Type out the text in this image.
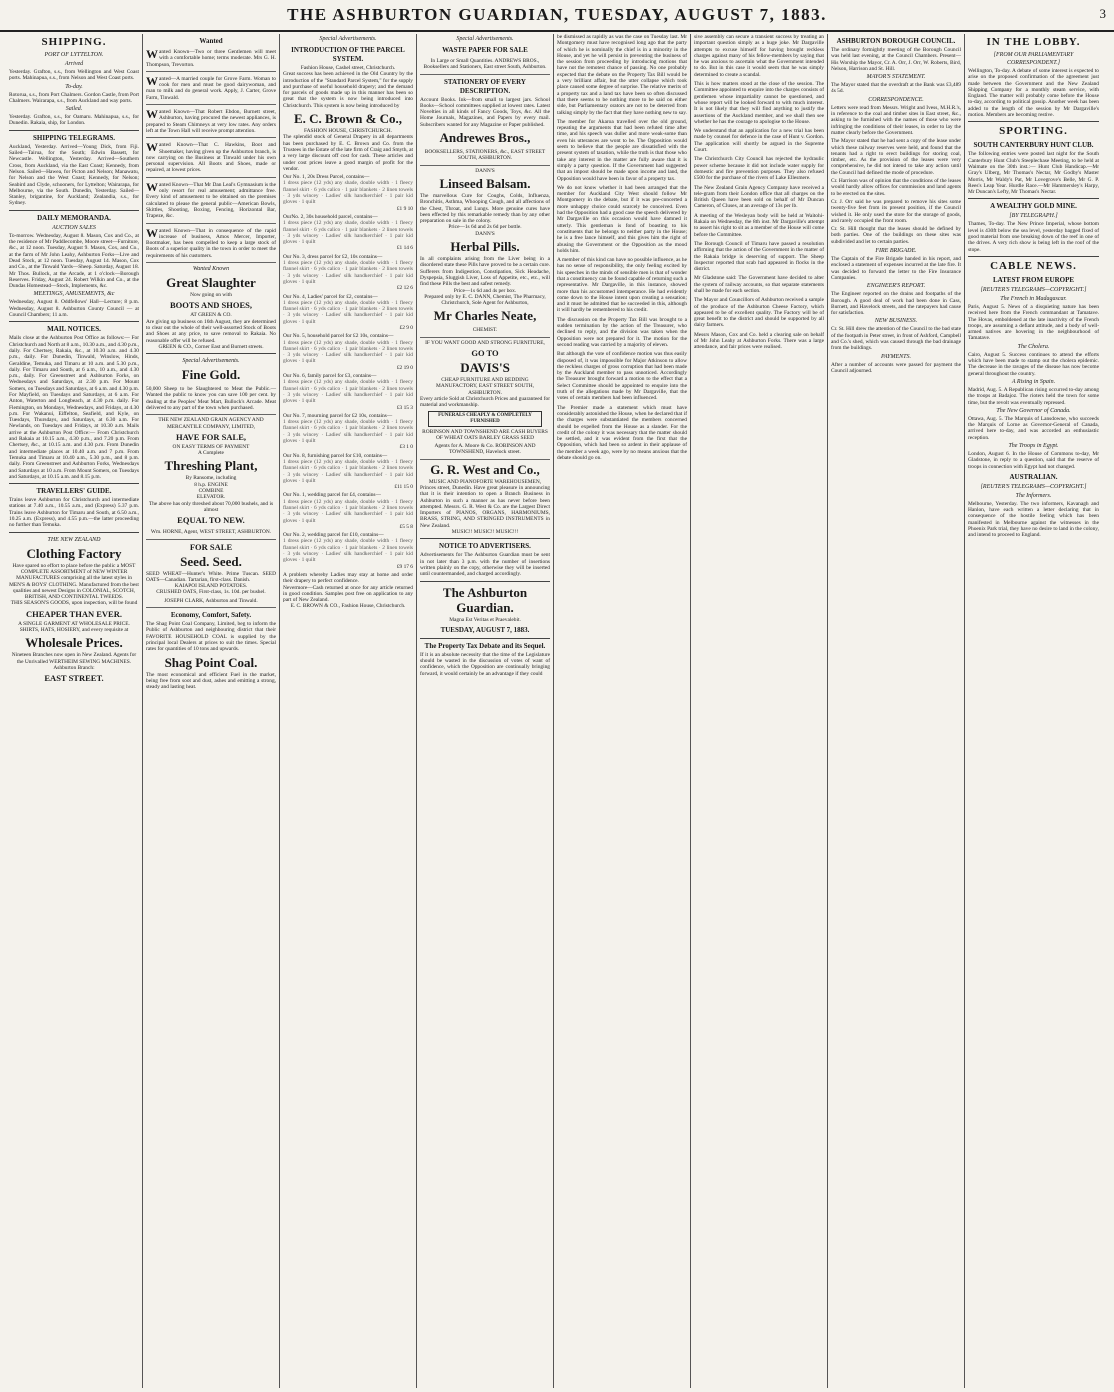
THE ASHBURTON GUARDIAN, TUESDAY, AUGUST 7, 1883.	3
SHIPPING.
PORT OF LYTTELTON.
Arrived
Yesterday. Grafton, s.s., from Wellington and West Coast ports. Mahinapua, s.s., from Nelson and West Coast ports.
To-day.
Rotorua, s.s., from Port Chalmers. Gordon Castle, from Port Chalmers. Wairarapa, s.s., from Auckland and way ports.
Sailed.
Yesterday. Grafton, s.s., for Oamaru. Mahinapua, s.s., for Dunedin. Rakaia, ship, for London.
SHIPPING TELEGRAMS.
Auckland, Yesterday. Arrived—Young Dick, from Fiji. Sailed—Tairua, for the South; Edwin Bassett, for Newcastle. Wellington, Yesterday. Arrived—Southern Cross, from Auckland, via the East Coast; Kennedy, from Nelson. Sailed—Hawea, for Picton and Nelson; Manawatu, for Nelson and the West Coast; Kennedy, for Nelson; Seabird and Clyde, schooners, for Lyttelton; Wairarapa, for Melbourne, via the South. Dunedin, Yesterday. Sailed—Stanley, brigantine, for Auckland; Zealandia, s.s., for Sydney.
DAILY MEMORANDA.
AUCTION SALES
To-morrow. Wednesday, August 8. Mason, Cox and Co., at the residence of Mr Paddlecombe, Moore street—Furniture, &c., at 12 noon. Tuesday, August 9. Mason, Cox, and Co., at the farm of Mr John Leahy, Ashburton Forks—Live and Dead Stock, at 12 noon. Tuesday, August 14. Mason, Cox and Co., at the Tinwald Yards—Sheep. Saturday, August 18. Mr Thos. Bullock, at the Arcade, at 1 o'clock—Borough Reserves. Friday, August 24. Robert Wilkin and Co., at the Dundas Homestead—Stock, Implements, &c.
MEETINGS, AMUSEMENTS, &c
Wednesday, August 8. Oddfellows' Hall—Lecture; 8 p.m. Wednesday, August 8. Ashburton County Council — at Council Chambers; 11 a.m.
MAIL NOTICES.
Mails close at the Ashburton Post Office as follows:— For Christchurch and North at 8 a.m., 10.30 a.m., and 4.30 p.m., daily. For Chertsey, Rakaia, &c., at 10.30 a.m. and 4.30 p.m., daily. For Dunedin, Tinwald, Winslow, Hinds, Geraldine, Temuka, and Timaru at 10 a.m. and 5.30 p.m., daily. For Timaru and South, at 6 a.m., 10 a.m., and 4.30 p.m., daily. For Greenstreet and Ashburton Forks, on Wednesdays and Saturdays, at 2.30 p.m. For Mount Somers, on Tuesdays and Saturdays, at 6 a.m. and 4.30 p.m. For Mayfield, on Tuesdays and Saturdays, at 6 a.m. For Anton, Waterton and Longbeach, at 4.30 p.m. daily. For Flemington, on Mondays, Wednesdays, and Fridays, at 4.30 p.m. For Wakanui, Eiffelton, Seafield, and Kyle, on Tuesdays, Thursdays, and Saturdays, at 6.30 a.m. For Newlands, on Tuesdays and Fridays, at 10.30 a.m. Mails arrive at the Ashburton Post Office:— From Christchurch and Rakaia at 10.15 a.m., 4.30 p.m., and 7.20 p.m. From Chertsey, &c., at 10.15 a.m. and 4.30 p.m. From Dunedin and intermediate places at 10.40 a.m. and 7 p.m. From Temuka and Timaru at 10.40 a.m., 5.30 p.m., and 8 p.m. daily. From Greenstreet and Ashburton Forks, Wednesdays and Saturdays at 10 a.m. From Mount Somers, on Tuesdays and Saturdays, at 10.15 a.m. and 8.15 p.m.
TRAVELLERS' GUIDE.
Trains leave Ashburton for Christchurch and intermediate stations at 7.40 a.m., 10.55 a.m., and (Express) 5.37 p.m. Trains leave Ashburton for Timaru and South, at 6.50 a.m., 10.25 a.m. (Express), and 4.55 p.m.—the latter proceeding no further than Temuka.
THE NEW ZEALAND
Clothing Factory
Have spared no effort to place before the public a MOST COMPLETE ASSORTMENT of NEW WINTER MANUFACTURES comprising all the latest styles in MEN'S & BOYS' CLOTHING. Manufactured from the best qualities and newest Designs in COLONIAL, SCOTCH, BRITISH, AND CONTINENTAL TWEEDS.
THIS SEASON'S GOODS, upon inspection, will be found
CHEAPER THAN EVER.
A SINGLE GARMENT AT WHOLESALE PRICE. SHIRTS, HATS, HOSIERY, and every requisite at
Wholesale Prices.
Nineteen Branches now open in New Zealand. Agents for the Unrivalled WERTHEIM SEWING MACHINES.
Ashburton Branch:
EAST STREET.
Wanted
Wanted Known—Two or three Gentlemen will meet with a comfortable home; terms moderate. Mrs G. H. Thompson, Trevorton.
Wanted—A married couple for Grove Farm. Woman to cook for men and must be good dairywoman, and man to milk and do general work. Apply, J. Carter, Grove Farm, Tinwald.
Wanted Known—That Robert Ebdon, Burnett street, Ashburton, having procured the newest appliances, is prepared to Steam Chimneys at very low rates. Any orders left at the Town Hall will receive prompt attention.
Wanted Known—That C. Hawkins, Boot and Shoemaker, having given up the Ashburton branch, is now carrying on the Business at Tinwald under his own personal supervision. All Boots and Shoes, made or repaired, at lowest prices.
Wanted Known—That Mr Dan Leal's Gymnasium is the only resort for real amusement; admittance free. Every kind of amusement to be obtained on the premises calculated to please the general public—American Bowls, Skittles, Shooting, Boxing, Fencing, Horizontal Bar, Trapeze, &c.
Wanted Known—That in consequence of the rapid increase of business, Amos Mercer, Importer, Bootmaker, has been compelled to keep a large stock of Boots of a superior quality in the town in order to meet the requirements of his customers.
Wanted Known
Great Slaughter
Now going on with
BOOTS AND SHOES,
AT GREEN & CO.
Are giving up business on 16th August, they are determined to clear out the whole of their well-assorted Stock of Boots and Shoes at any price, to save removal to Rakaia. No reasonable offer will be refused.
GREEN & CO., Corner East and Burnett streets.
Special Advertisements.
Fine Gold.
50,000 Sheep to be Slaughtered to Meat the Public.—Wanted the public to know you can save 100 per cent. by dealing at the Peoples' Meat Mart, Bullock's Arcade. Meat delivered to any part of the town when purchased.
THE NEW ZEALAND GRAIN AGENCY AND MERCANTILE COMPANY, LIMITED,
HAVE FOR SALE,
ON EASY TERMS OF PAYMENT
A Complete
Threshing Plant,
By Ransome, including
8 h.p. ENGINE
COMBINE
ELEVATOR.
The above has only threshed about 70,000 bushels, and is almost
EQUAL TO NEW.
Wm. HORNE, Agent, WEST STREET, ASHBURTON.
FOR SALE
Seed. Seed.
SEED WHEAT—Hunter's White. Prime Tuscan. SEED OATS—Canadian. Tartarian, first-class. Danish.
KAIAPOI ISLAND POTATOES.
CRUSHED OATS, First-class, 1s. 10d. per bushel.
JOSEPH CLARK, Ashburton and Tinwald.
Economy, Comfort, Safety.
The Shag Point Coal Company, Limited, beg to inform the Public of Ashburton and neighbouring district that their FAVORITE HOUSEHOLD COAL is supplied by the principal local Dealers at prices to suit the times. Special rates for quantities of 10 tons and upwards.
Shag Point Coal.
The most economical and efficient Fuel in the market, being free from soot and dust, ashes and emitting a strong, steady and lasting heat.
Special Advertisements.
INTRODUCTION OF THE PARCEL SYSTEM.
Fashion House, Cashel street, Christchurch.
Great success has been achieved in the Old Country by the introduction of the "Standard Parcel System," for the supply and purchase of useful household drapery; and the demand for parcels of goods made up in this manner has been so great that the system is now being introduced into Christchurch. This system is now being introduced by
E. C. Brown & Co.,
FASHION HOUSE, CHRISTCHURCH.
The splendid stock of General Drapery in all departments has been purchased by E. C. Brown and Co. from the Trustees in the Estate of the late firm of Craig and Smyth, at a very large discount off cost for cash. These articles and under cost prices leave a good margin of profit for the vendor.
Our No. 1, 20s Dress Parcel, contains—
1 dress piece (12 yds) any shade, double width · 1 fleecy flannel skirt · 6 yds calico · 1 pair blankets · 2 linen towels · 3 yds wincey · Ladies' silk handkerchief · 1 pair kid gloves · 1 quilt
£1 9 10
OurNo. 2, 30s household parcel, contains—
1 dress piece (12 yds) any shade, double width · 1 fleecy flannel skirt · 6 yds calico · 1 pair blankets · 2 linen towels · 3 yds wincey · Ladies' silk handkerchief · 1 pair kid gloves · 1 quilt
£1 14 6
Our No. 3, dress parcel for £2, 10s contains—
1 dress piece (12 yds) any shade, double width · 1 fleecy flannel skirt · 6 yds calico · 1 pair blankets · 2 linen towels · 3 yds wincey · Ladies' silk handkerchief · 1 pair kid gloves · 1 quilt
£2 12 6
Our No. 4, Ladies' parcel for £2, contains—
1 dress piece (12 yds) any shade, double width · 1 fleecy flannel skirt · 6 yds calico · 1 pair blankets · 2 linen towels · 3 yds wincey · Ladies' silk handkerchief · 1 pair kid gloves · 1 quilt
£2 9 0
Our No. 5, household parcel for £2 10s, contains—
1 dress piece (12 yds) any shade, double width · 1 fleecy flannel skirt · 6 yds calico · 1 pair blankets · 2 linen towels · 3 yds wincey · Ladies' silk handkerchief · 1 pair kid gloves · 1 quilt
£2 19 0
Our No. 6, family parcel for £3, contains—
1 dress piece (12 yds) any shade, double width · 1 fleecy flannel skirt · 6 yds calico · 1 pair blankets · 2 linen towels · 3 yds wincey · Ladies' silk handkerchief · 1 pair kid gloves · 1 quilt
£3 15 3
Our No. 7, mourning parcel for £2 10s, contains—
1 dress piece (12 yds) any shade, double width · 1 fleecy flannel skirt · 6 yds calico · 1 pair blankets · 2 linen towels · 3 yds wincey · Ladies' silk handkerchief · 1 pair kid gloves · 1 quilt
£3 1 0
Our No. 8, furnishing parcel for £10, contains—
1 dress piece (12 yds) any shade, double width · 1 fleecy flannel skirt · 6 yds calico · 1 pair blankets · 2 linen towels · 3 yds wincey · Ladies' silk handkerchief · 1 pair kid gloves · 1 quilt
£11 15 0
Our No. 1, wedding parcel for £4, contains—
1 dress piece (12 yds) any shade, double width · 1 fleecy flannel skirt · 6 yds calico · 1 pair blankets · 2 linen towels · 3 yds wincey · Ladies' silk handkerchief · 1 pair kid gloves · 1 quilt
£5 5 8
Our No. 2, wedding parcel for £10, contains—
1 dress piece (12 yds) any shade, double width · 1 fleecy flannel skirt · 6 yds calico · 1 pair blankets · 2 linen towels · 3 yds wincey · Ladies' silk handkerchief · 1 pair kid gloves · 1 quilt
£9 17 6
A problem whereby Ladies may stay at home and order their drapery to perfect confidence.
Nevermore—Cash returned at once for any article returned in good condition. Samples post free on application to any part of New Zealand.
E. C. BROWN & CO., Fashion House, Christchurch.
Special Advertisements.
WASTE PAPER FOR SALE
In Large or Small Quantities. ANDREWS BROS., Booksellers and Stationers, East street South, Ashburton.
STATIONERY OF EVERY DESCRIPTION.
Account Books. Ink—from small to largest jars. School Books—School committees supplied at lowest rates. Latest Novelties in all kinds of Fancy Goods, Toys, &c. All the Home Journals, Magazines, and Papers by every mail. Subscribers wanted for any Magazine or Paper published.
Andrewes Bros.,
BOOKSELLERS, STATIONERS, &c., EAST STREET SOUTH, ASHBURTON.
DANN'S
Linseed Balsam.
The marvellous Cure for Coughs, Colds, Influenza, Bronchitis, Asthma, Whooping Cough, and all affections of the Chest, Throat, and Lungs. More genuine cures have been effected by this remarkable remedy than by any other preparation on sale in the colony.
Price—1s 6d and 2s 6d per bottle.
DANN'S
Herbal Pills.
In all complaints arising from the Liver being in a disordered state these Pills have proved to be a certain cure. Sufferers from Indigestion, Constipation, Sick Headache, Dyspepsia, Sluggish Liver, Loss of Appetite, etc., etc., will find these Pills the best and safest remedy.
Price—1s 6d and 4s per box.
Prepared only by E. C. DANN, Chemist, The Pharmacy, Christchurch, Sole Agent for Ashburton,
Mr Charles Neate,
CHEMIST.
IF YOU WANT GOOD AND STRONG FURNITURE,
GO TO
DAVIS'S
CHEAP FURNITURE AND BEDDING MANUFACTORY, EAST STREET SOUTH, ASHBURTON.
Every article Sold at Christchurch Prices and guaranteed for material and workmanship.
FUNERALS CHEAPLY & COMPLETELY FURNISHED
ROBINSON AND TOWNSHEND ARE CASH BUYERS OF WHEAT OATS BARLEY GRASS SEED
Agents for A. Moore & Co. ROBINSON AND TOWNSHEND, Havelock street.
G. R. West and Co.,
MUSIC AND PIANOFORTE WAREHOUSEMEN,
Princes street, Dunedin. Have great pleasure in announcing that it is their intention to open a Branch Business in Ashburton in such a manner as has never before been attempted. Messrs. G. R. West & Co. are the Largest Direct Importers of PIANOS, ORGANS, HARMONIUMS, BRASS, STRING, AND STRINGED INSTRUMENTS in New Zealand.
MUSIC!! MUSIC!! MUSIC!!!
NOTICE TO ADVERTISERS.
Advertisements for The Ashburton Guardian must be sent in not later than 3 p.m. with the number of insertions written plainly on the copy, otherwise they will be inserted until countermanded, and charged accordingly.
The Ashburton Guardian.
Magna Est Veritas et Praevalebit.
TUESDAY, AUGUST 7, 1883.
The Property Tax Debate and its Sequel.
If it is an absolute necessity that the time of the Legislature should be wasted in the discussion of votes of want of confidence, which the Opposition are continually bringing forward, it would certainly be an advantage if they could

be dismissed as rapidly as was the case on Tuesday last. Mr Montgomery must have recognised long ago that the party of which he is nominally the chief is in a minority in the House, and yet he will persist in preventing the business of the session from proceeding by introducing motions that have not the remotest chance of passing. No one probably expected that the debate on the Property Tax Bill would be a very brilliant affair, but the utter collapse which took place caused some degree of surprise. The relative merits of a property tax and a land tax have been so often discussed that there seems to be nothing more to be said on either side, but Parliamentary orators are not to be deterred from talking simply by the fact that they have nothing new to say.

The member for Akaroa travelled over the old ground, repeating the arguments that had been refuted time after time, and his speech was duller and more weak-some than even his utterances are wont to be. The Opposition would seem to believe that the people are dissatisfied with the present system of taxation, while the truth is that those who take any interest in the matter are fully aware that it is simply a party question. If the Government had suggested that an impost should be made upon income and land, the Opposition would have been in favor of a property tax.

We do not know whether it had been arranged that the member for Auckland City West should follow Mr Montgomery in the debate, but if it was pre-concerted a more unhappy choice could scarcely be conceived. Even had the Opposition had a good case the speech delivered by Mr Dargaville on this occasion would have damned it utterly. This gentleman is fond of boasting to his constituents that he belongs to neither party in the House; he is a free lance himself, and this gives him the right of abusing the Government or the Opposition as the mood holds him.

A member of this kind can have no possible influence, as he has no sense of responsibility, the only feeling excited by his speeches in the minds of sensible men is that of wonder that a constituency can be found capable of returning such a representative. Mr Dargaville, in this instance, showed more than his accustomed intemperance. He had evidently come down to the House intent upon creating a sensation; and it must be admitted that he succeeded in this, although it will hardly be remembered to his credit.

The discussion on the Property Tax Bill was brought to a sudden termination by the action of the Treasurer, who declined to reply, and the division was taken when the Opposition were not prepared for it. The motion for the second reading was carried by a majority of eleven.

But although the vote of confidence motion was thus easily disposed of, it was impossible for Major Atkinson to allow the reckless charges of gross corruption that had been made by the Auckland member to pass unnoticed. Accordingly the Treasurer brought forward a motion to the effect that a Select Committee should be appointed to enquire into the truth of the allegations made by Mr Dargaville, that the votes of certain members had been influenced.

The Premier made a statement which must have considerably astonished the House, when he declared that if the charges were substantiated the members concerned should be expelled from the House as a slander. For the credit of the colony it was necessary that the matter should be settled, and it was evident from the first that the Opposition, which had been so ardent in their applause of the member a week ago, were by no means anxious that the debate should go on.

sive assembly can secure a transient success by treating an important question simply as a huge joke. Mr Dargaville attempts to excuse himself for having brought reckless charges against many of his fellow-members by saying that he was anxious to ascertain what the Government intended to do. But in this case it would seem that he was simply determined to create a scandal.

This is how matters stood at the close of the session. The Committee appointed to enquire into the charges consists of gentlemen whose impartiality cannot be questioned, and whose report will be looked forward to with much interest. It is not likely that they will find anything to justify the assertions of the Auckland member, and we shall then see whether he has the courage to apologise to the House.

We understand that an application for a new trial has been made by counsel for defence in the case of Hunt v. Gordon. The application will shortly be argued in the Supreme Court.

The Christchurch City Council has rejected the hydraulic power scheme because it did not include water supply for domestic and fire prevention purposes. They also refused £500 for the purchase of the rivers of Lake Ellesmere.

The New Zealand Grain Agency Company have received a tele-gram from their London office that all charges on the British Queen have been sold on behalf of Mr Duncan Cameron, of Cluses, at an average of 13s per lb.

A meeting of the Wesleyan body will be held at Waitohi-Rakaia on Wednesday, the 8th inst. Mr Dargaville's attempt to assert his right to sit as a member of the House will come before the Committee.

The Borough Council of Timaru have passed a resolution affirming that the action of the Government in the matter of the Rakaia bridge is deserving of support. The Sheep Inspector reported that scab had appeared in flocks in the district.

Mr Gladstone said: The Government have decided to alter the system of railway accounts, so that separate statements shall be made for each section.

The Mayor and Councillors of Ashburton received a sample of the produce of the Ashburton Cheese Factory, which appeared to be of excellent quality. The Factory will be of great benefit to the district and should be supported by all dairy farmers.

Messrs Mason, Cox and Co. held a clearing sale on behalf of Mr John Leahy at Ashburton Forks. There was a large attendance, and fair prices were realised.

ASHBURTON BOROUGH COUNCIL.
The ordinary fortnightly meeting of the Borough Council was held last evening, at the Council Chambers. Present—His Worship the Mayor, Cr. A. Orr, J. Orr, W. Roberts, Bird, Nelson, Harrison and St. Hill.
MAYOR'S STATEMENT.
The Mayor stated that the overdraft at the Bank was £3,489 4s 5d.
CORRESPONDENCE.
Letters were read from Messrs. Wright and Ivess, M.H.R.'s, in reference to the coal and timber sites in East street, &c., asking to be furnished with the names of those who were infringing the conditions of their leases, in order to lay the matter clearly before the Government.

The Mayor stated that he had sent a copy of the lease under which these railway reserves were held, and found that the tenants had a right to erect buildings for storing coal, timber, etc. As the provision of the leases were very comprehensive, he did not intend to take any action until the Council had defined the mode of procedure.

Cr. Harrison was of opinion that the conditions of the leases would hardly allow offices for commission and land agents to be erected on the sites.

Cr. J. Orr said he was prepared to remove his sites some twenty-five feet from its present position, if the Council wished it. He only used the store for the storage of goods, and rarely occupied the front room.

Cr. St. Hill thought that the leases should be defined by both parties. One of the buildings on these sites was subdivided and let to certain parties.

FIRE BRIGADE.
The Captain of the Fire Brigade handed in his report, and enclosed a statement of expenses incurred at the late fire. It was decided to forward the letter to the Fire Insurance Companies.
ENGINEER'S REPORT.
The Engineer reported on the drains and footpaths of the Borough. A good deal of work had been done in Cass, Burnett, and Havelock streets, and the ratepayers had cause for satisfaction.
NEW BUSINESS.
Cr. St. Hill drew the attention of the Council to the bad state of the footpath in Peter street, in front of Ashford, Campbell and Co.'s shed, which was caused through the bad drainage from the buildings.
PAYMENTS.
After a number of accounts were passed for payment the Council adjourned.
IN THE LOBBY.
[FROM OUR PARLIAMENTARY CORRESPONDENT.]
Wellington, To-day. A debate of some interest is expected to arise on the proposed confirmation of the agreement just made between the Government and the New Zealand Shipping Company for a monthly steam service, with England. The matter will probably come before the House to-day, according to political gossip. Another week has been added to the length of the session by Mr Dargaville's motion. Members are becoming restive.
SPORTING.
SOUTH CANTERBURY HUNT CLUB.
The following entries were posted last night for the South Canterbury Hunt Club's Steeplechase Meeting, to be held at Waimate on the 30th inst.:— Hunt Club Handicap.—Mr Gray's Ulberg, Mr Thomas's Nectar, Mr Godby's Master Morris, Mr Waldy's Pat, Mr Lovegrove's Belle, Mr G. P. Rees's Leap Year. Hurdle Race.—Mr Hammersley's Harpy, Mr Duncan's Lefty, Mr Thomas's Nectar.
A WEALTHY GOLD MINE.
[BY TELEGRAPH.]
Thames, To-day. The New Prince Imperial, whose bottom level is 430ft below the sea level, yesterday bagged fixed of good material from one breaking down of the reef in one of the drives. A very rich show is being left in the roof of the stope.
CABLE NEWS.
LATEST FROM EUROPE
[REUTER'S TELEGRAMS—COPYRIGHT.]
The French in Madagascar.
Paris, August 5. News of a disquieting nature has been received here from the French commandant at Tamatave. The Hovas, emboldened at the late inactivity of the French troops, are assuming a defiant attitude, and a body of well-armed natives are hovering in the neighbourhood of Tamatave.
The Cholera.
Cairo, August 5. Success continues to attend the efforts which have been made to stamp out the cholera epidemic. The decrease in the ravages of the disease has now become general throughout the country.
A Rising in Spain.
Madrid, Aug. 5. A Republican rising occurred to-day among the troops at Badajoz. The rioters held the town for some time, but the revolt was eventually repressed.
The New Governor of Canada.
Ottawa, Aug. 5. The Marquis of Lansdowne, who succeeds the Marquis of Lorne as Governor-General of Canada, arrived here to-day, and was accorded an enthusiastic reception.
The Troops in Egypt.
London, August 6. In the House of Commons to-day, Mr Gladstone, in reply to a question, said that the reserve of troops in connection with Egypt had not changed.
AUSTRALIAN.
[REUTER'S TELEGRAMS—COPYRIGHT.]
The Informers.
Melbourne, Yesterday. The two informers, Kavanagh and Hanlon, have each written a letter declaring that in consequence of the hostile feeling which has been manifested in Melbourne against the witnesses in the Phoenix Park trial, they have no desire to land in the colony, and intend to proceed to England.
